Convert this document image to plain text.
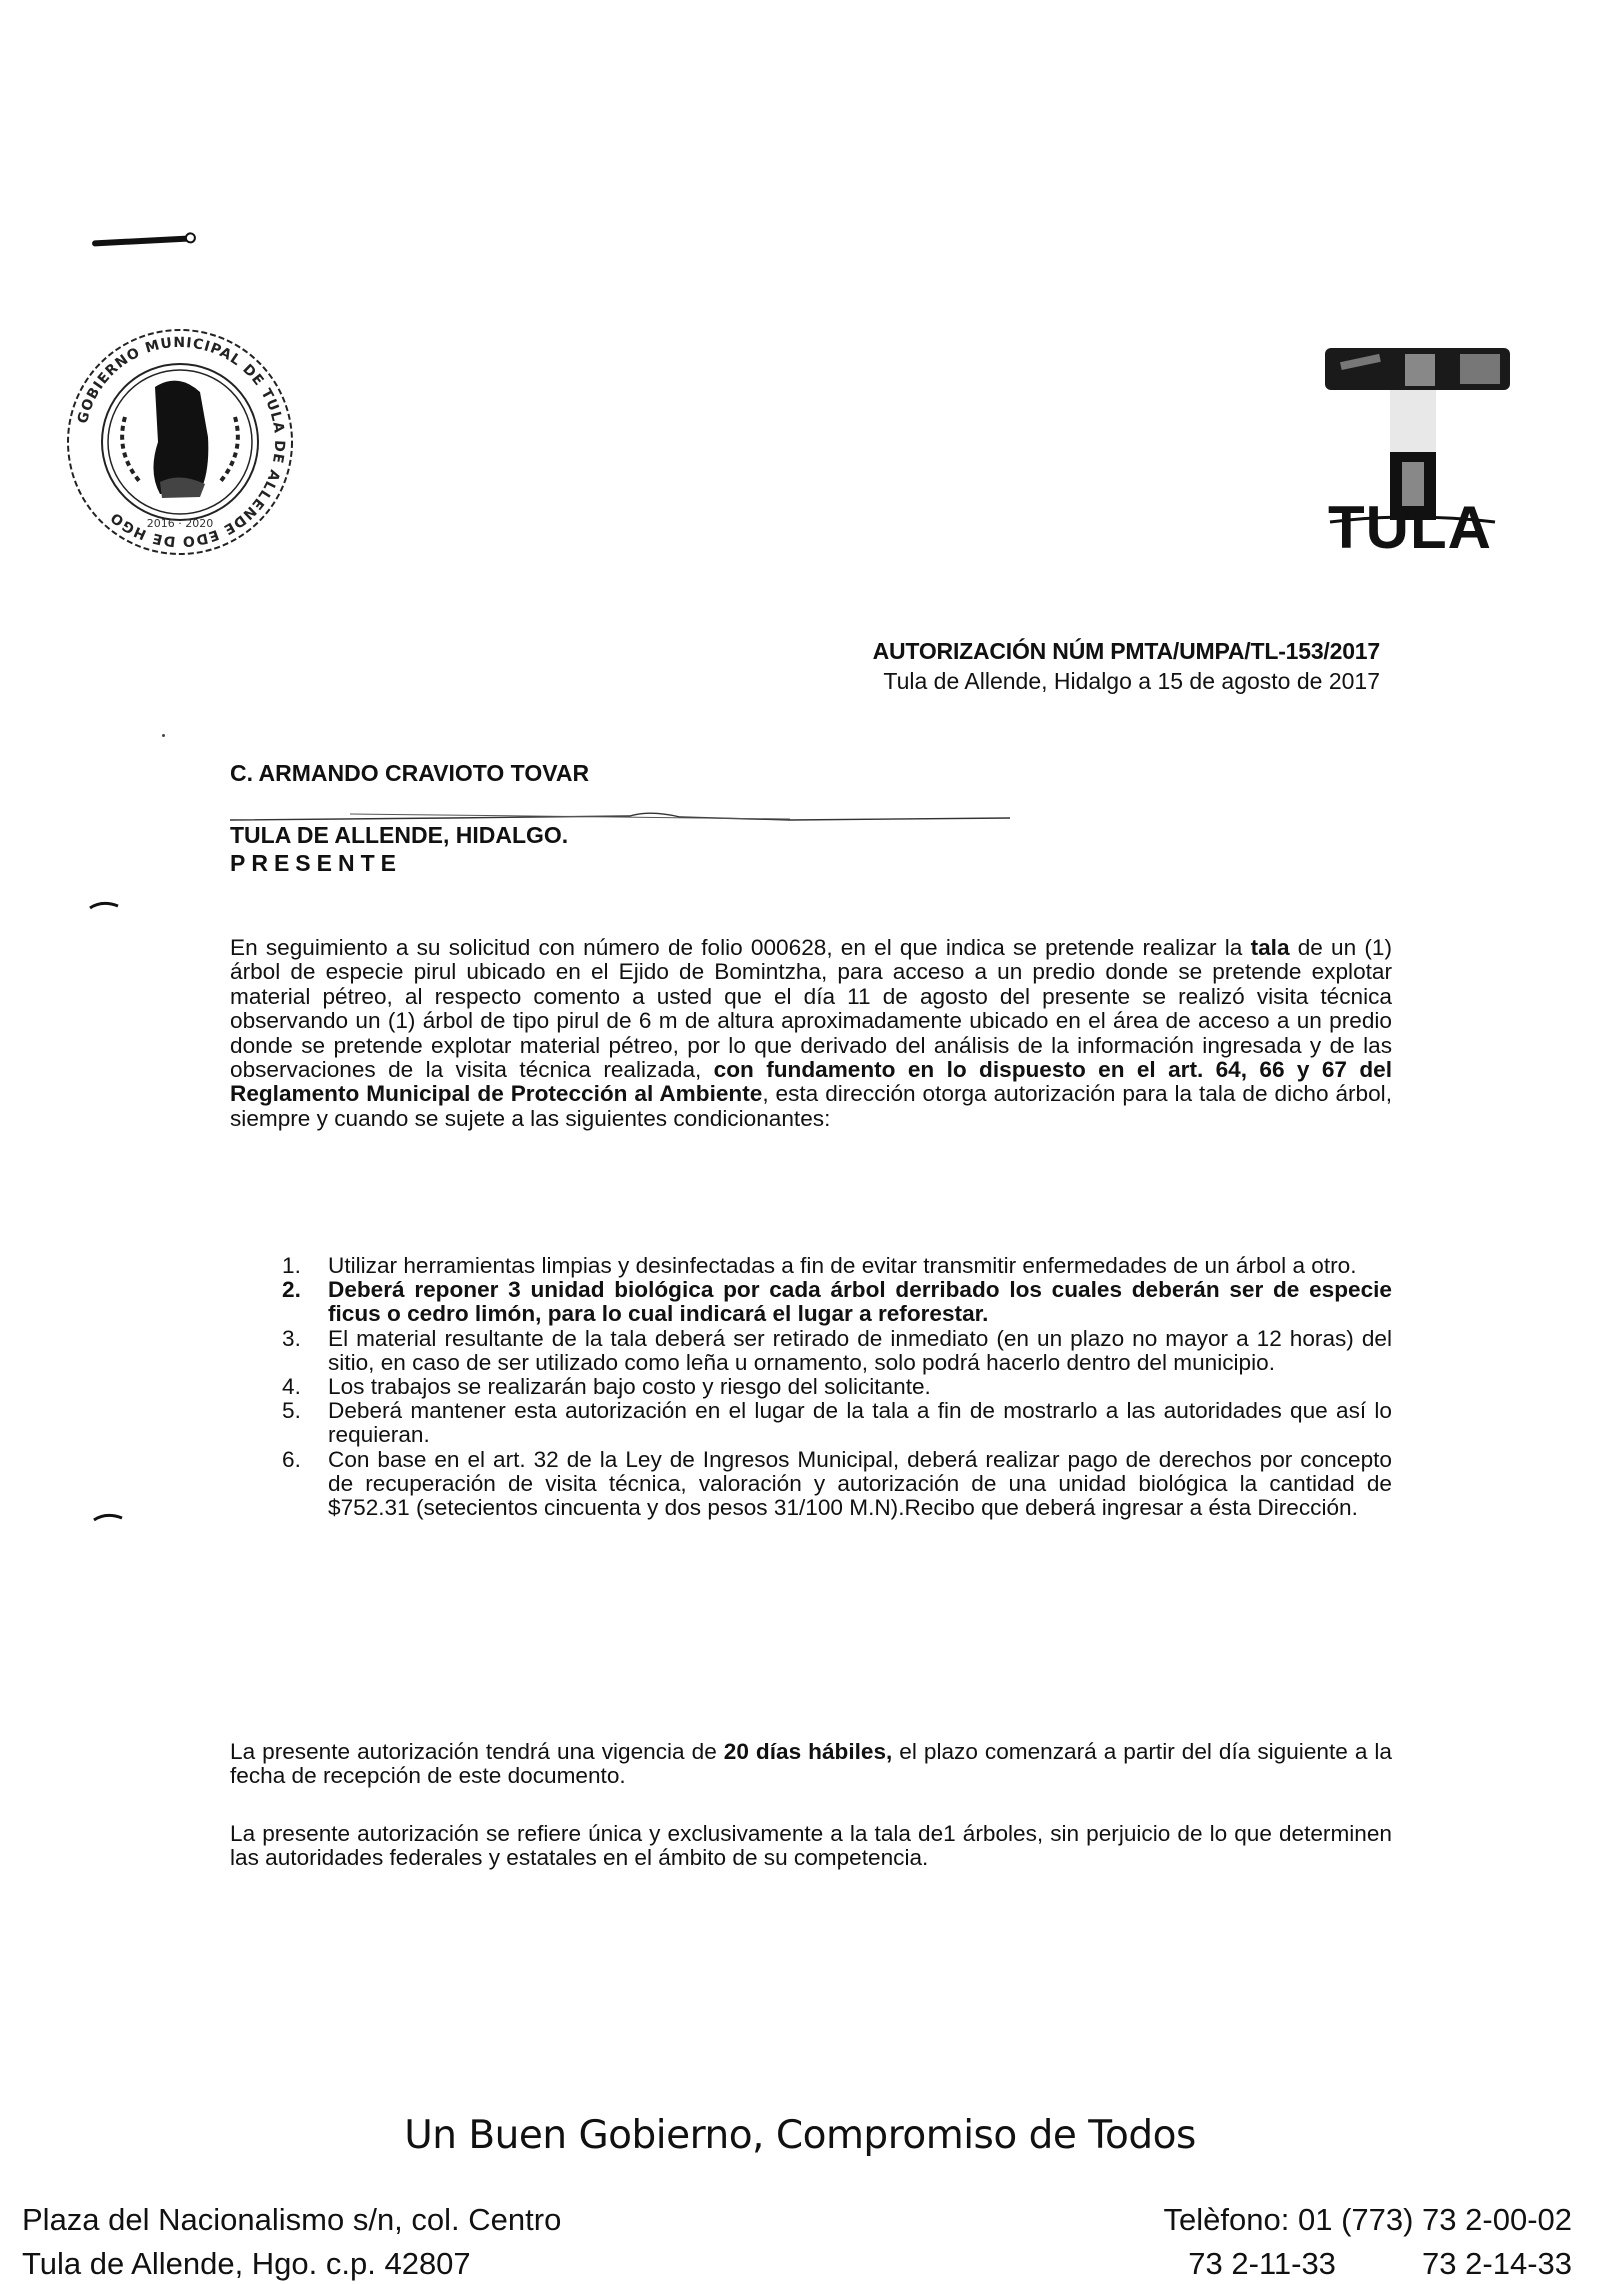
GOBIERNO MUNICIPAL DE TULA DE ALLENDE EDO DE HGO	2016 · 2020	TULA
AUTORIZACIÓN NÚM PMTA/UMPA/TL-153/2017
Tula de Allende, Hidalgo a 15 de agosto de 2017
C. ARMANDO CRAVIOTO TOVAR
TULA DE ALLENDE, HIDALGO.
PRESENTE
En seguimiento a su solicitud con número de folio 000628, en el que indica se pretende realizar la tala de un (1) árbol de especie pirul ubicado en el Ejido de Bomintzha, para acceso a un predio donde se pretende explotar material pétreo, al respecto comento a usted que el día 11 de agosto del presente se realizó visita técnica observando un (1) árbol de tipo pirul de 6 m de altura aproximadamente ubicado en el área de acceso a un predio donde se pretende explotar material pétreo, por lo que derivado del análisis de la información ingresada y de las observaciones de la visita técnica realizada, con fundamento en lo dispuesto en el art. 64, 66 y 67 del Reglamento Municipal de Protección al Ambiente, esta dirección otorga autorización para la tala de dicho árbol, siempre y cuando se sujete a las siguientes condicionantes:
1. Utilizar herramientas limpias y desinfectadas a fin de evitar transmitir enfermedades de un árbol a otro.
2. Deberá reponer 3 unidad biológica por cada árbol derribado los cuales deberán ser de especie ficus o cedro limón, para lo cual indicará el lugar a reforestar.
3. El material resultante de la tala deberá ser retirado de inmediato (en un plazo no mayor a 12 horas) del sitio, en caso de ser utilizado como leña u ornamento, solo podrá hacerlo dentro del municipio.
4. Los trabajos se realizarán bajo costo y riesgo del solicitante.
5. Deberá mantener esta autorización en el lugar de la tala a fin de mostrarlo a las autoridades que así lo requieran.
6. Con base en el art. 32 de la Ley de Ingresos Municipal, deberá realizar pago de derechos por concepto de recuperación de visita técnica, valoración y autorización de una unidad biológica la cantidad de $752.31 (setecientos cincuenta y dos pesos 31/100 M.N).Recibo que deberá ingresar a ésta Dirección.
La presente autorización tendrá una vigencia de 20 días hábiles, el plazo comenzará a partir del día siguiente a la fecha de recepción de este documento.
La presente autorización se refiere única y exclusivamente a la tala de1 árboles, sin perjuicio de lo que determinen las autoridades federales y estatales en el ámbito de su competencia.
Un Buen Gobierno, Compromiso de Todos
Plaza del Nacionalismo s/n, col. Centro	Telèfono: 01 (773) 73 2-00-02
Tula de Allende, Hgo. c.p. 42807	73 2-11-33          73 2-14-33
